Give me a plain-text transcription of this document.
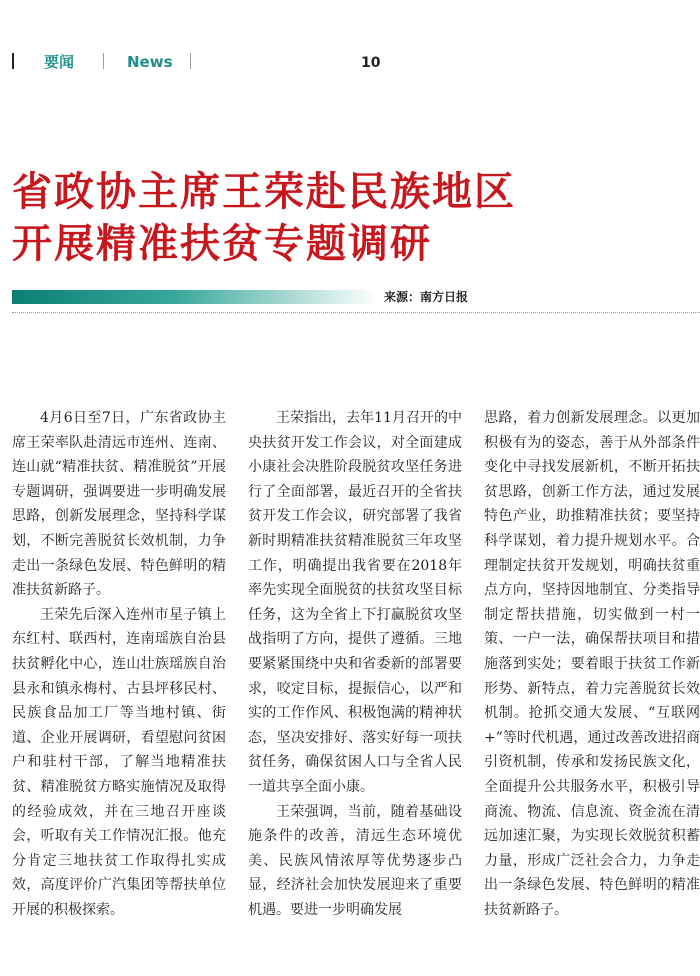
要闻	News	10
省政协主席王荣赴民族地区
开展精准扶贫专题调研
来源：南方日报

4月6日至7日，广东省政协主席王荣率队赴清远市连州、连南、连山就“精准扶贫、精准脱贫”开展专题调研，强调要进一步明确发展思路，创新发展理念，坚持科学谋划，不断完善脱贫长效机制，力争走出一条绿色发展、特色鲜明的精准扶贫新路子。

王荣先后深入连州市星子镇上东红村、联西村，连南瑶族自治县扶贫孵化中心，连山壮族瑶族自治县永和镇永梅村、古县坪移民村、民族食品加工厂等当地村镇、街道、企业开展调研，看望慰问贫困户和驻村干部，了解当地精准扶贫、精准脱贫方略实施情况及取得的经验成效，并在三地召开座谈会，听取有关工作情况汇报。他充分肯定三地扶贫工作取得扎实成效，高度评价广汽集团等帮扶单位开展的积极探索。

王荣指出，去年11月召开的中央扶贫开发工作会议，对全面建成小康社会决胜阶段脱贫攻坚任务进行了全面部署，最近召开的全省扶贫开发工作会议，研究部署了我省新时期精准扶贫精准脱贫三年攻坚工作，明确提出我省要在2018年率先实现全面脱贫的扶贫攻坚目标任务，这为全省上下打赢脱贫攻坚战指明了方向，提供了遵循。三地要紧紧围绕中央和省委新的部署要求，咬定目标，提振信心，以严和实的工作作风、积极饱满的精神状态，坚决安排好、落实好每一项扶贫任务，确保贫困人口与全省人民一道共享全面小康。

王荣强调，当前，随着基础设施条件的改善，清远生态环境优美、民族风情浓厚等优势逐步凸显，经济社会加快发展迎来了重要机遇。要进一步明确发展

思路，着力创新发展理念。以更加积极有为的姿态，善于从外部条件变化中寻找发展新机，不断开拓扶贫思路，创新工作方法，通过发展特色产业，助推精准扶贫；要坚持科学谋划，着力提升规划水平。合理制定扶贫开发规划，明确扶贫重点方向，坚持因地制宜、分类指导制定帮扶措施，切实做到一村一策、一户一法，确保帮扶项目和措施落到实处；要着眼于扶贫工作新形势、新特点，着力完善脱贫长效机制。抢抓交通大发展、“互联网+”等时代机遇，通过改善改进招商引资机制，传承和发扬民族文化，全面提升公共服务水平，积极引导商流、物流、信息流、资金流在清远加速汇聚，为实现长效脱贫积蓄力量，形成广泛社会合力，力争走出一条绿色发展、特色鲜明的精准扶贫新路子。
